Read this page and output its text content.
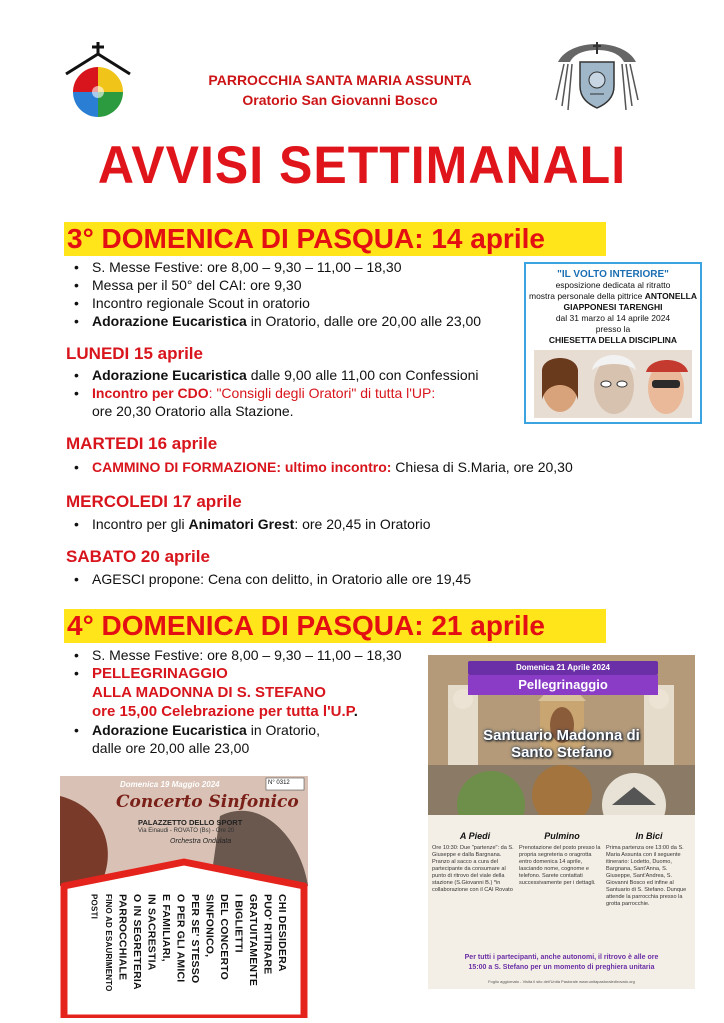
PARROCCHIA SANTA MARIA ASSUNTA
Oratorio San Giovanni Bosco
AVVISI SETTIMANALI
3° DOMENICA DI PASQUA: 14 aprile
• S. Messe Festive: ore 8,00 – 9,30 – 11,00 – 18,30
• Messa per il 50° del CAI: ore 9,30
• Incontro regionale Scout in oratorio
• Adorazione Eucaristica in Oratorio, dalle ore 20,00 alle 23,00
LUNEDI 15 aprile
• Adorazione Eucaristica dalle 9,00 alle 11,00 con Confessioni
• Incontro per CDO: "Consigli degli Oratori" di tutta l'UP:
ore 20,30 Oratorio alla Stazione.
MARTEDI 16 aprile
• CAMMINO DI FORMAZIONE: ultimo incontro: Chiesa di S.Maria, ore 20,30
MERCOLEDI 17 aprile
• Incontro per gli Animatori Grest: ore 20,45 in Oratorio
SABATO 20 aprile
• AGESCI propone: Cena con delitto, in Oratorio alle ore 19,45
4° DOMENICA DI PASQUA: 21 aprile
• S. Messe Festive: ore 8,00 – 9,30 – 11,00 – 18,30
• PELLEGRINAGGIO
ALLA MADONNA DI S. STEFANO
ore 15,00 Celebrazione per tutta l'U.P.
• Adorazione Eucaristica in Oratorio,
dalle ore 20,00 alle 23,00
"IL VOLTO INTERIORE"
esposizione dedicata al ritratto
mostra personale della pittrice ANTONELLA
GIAPPONESI TARENGHI
dal 31 marzo al 14 aprile 2024
presso la
CHIESETTA DELLA DISCIPLINA
Domenica 21 Aprile 2024
Pellegrinaggio
Santuario Madonna di
Santo Stefano
A Piedi
Ore 10:30: Due "partenze": da S. Giuseppe e dalla Bargnana. Pranzo al sacco a cura del partecipante da consumare al punto di ritrovo del viale della stazione (S.Giovanni B.) *in collaborazione con il CAI Rovato
Pulmino
Prenotazione del posto presso la propria segreteria o oragrotta entro domenica 14 aprile, lasciando nome, cognome e telefono. Sarete contattati successivamente per i dettagli.
In Bici
Prima partenza ore 13:00 da S. Maria Assunta con il seguente itinerario: Lodetto, Duomo, Bargnana, Sant'Anna, S. Giuseppe, Sant'Andrea, S. Giovanni Bosco ed infine al Santuario di S. Stefano. Dunque attende la parrocchia presso la grotta parrocchie.
Per tutti i partecipanti, anche autonomi, il ritrovo è alle ore
15:00 a S. Stefano per un momento di preghiera unitaria
Foglio aggiornato - Visita il sito dell'Unità Pastorale www.unitapastoraledirovato.org
Domenica 19 Maggio 2024	N° 0312
Concerto Sinfonico
PALAZZETTO DELLO SPORT
Via Einaudi - ROVATO (Bs) - Ore 20
Orchestra Ondulata
CHI DESIDERA
PUO' RITIRARE
GRATUITAMENTE
I BIGLIETTI
DEL CONCERTO
SINFONICO,
PER SE' STESSO
O PER GLI AMICI
E FAMILIARI,
IN SACRESTIA
O IN SEGRETERIA
PARROCCHIALE
FINO AD ESAURIMENTO
POSTI
